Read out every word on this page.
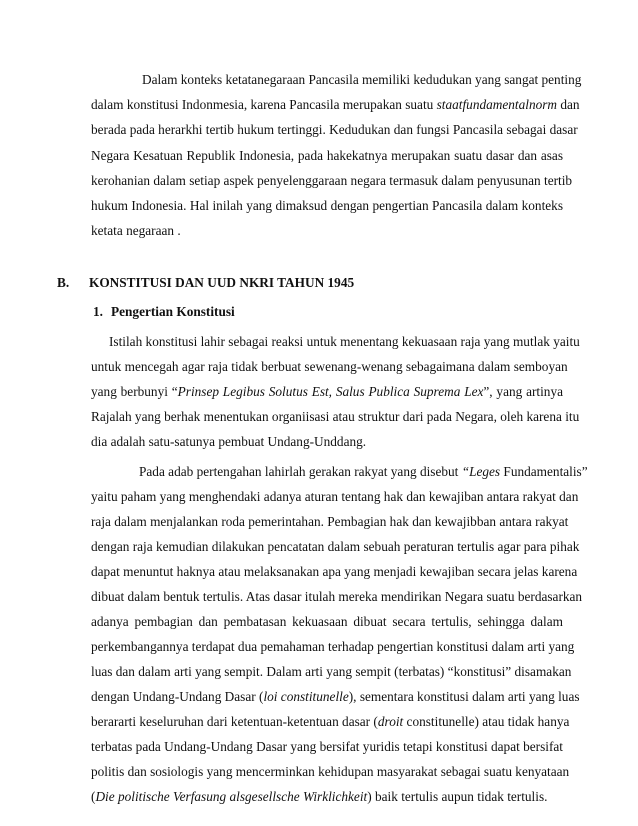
Dalam konteks ketatanegaraan Pancasila memiliki kedudukan yang sangat penting
dalam konstitusi Indonmesia, karena Pancasila merupakan suatu staatfundamentalnorm dan
berada pada herarkhi tertib hukum tertinggi. Kedudukan dan fungsi Pancasila sebagai dasar
Negara Kesatuan Republik Indonesia, pada hakekatnya merupakan suatu dasar dan asas
kerohanian dalam setiap aspek penyelenggaraan negara termasuk dalam penyusunan tertib
hukum Indonesia. Hal inilah yang dimaksud dengan pengertian Pancasila dalam konteks
ketata negaraan .
B. KONSTITUSI DAN UUD NKRI TAHUN 1945
1. Pengertian Konstitusi
Istilah konstitusi lahir sebagai reaksi untuk menentang kekuasaan raja yang mutlak yaitu
untuk mencegah agar raja tidak berbuat sewenang-wenang sebagaimana dalam semboyan
yang berbunyi “Prinsep Legibus Solutus Est, Salus Publica Suprema Lex”, yang artinya
Rajalah yang berhak menentukan organiisasi atau struktur dari pada Negara, oleh karena itu
dia adalah satu-satunya pembuat Undang-Unddang.
Pada adab pertengahan lahirlah gerakan rakyat yang disebut “Leges Fundamentalis”
yaitu paham yang menghendaki adanya aturan tentang hak dan kewajiban antara rakyat dan
raja dalam menjalankan roda pemerintahan. Pembagian hak dan kewajibban antara rakyat
dengan raja kemudian dilakukan pencatatan dalam sebuah peraturan tertulis agar para pihak
dapat menuntut haknya atau melaksanakan apa yang menjadi kewajiban secara jelas karena
dibuat dalam bentuk tertulis. Atas dasar itulah mereka mendirikan Negara suatu berdasarkan
adanya pembagian dan pembatasan kekuasaan dibuat secara tertulis, sehingga dalam
perkembangannya terdapat dua pemahaman terhadap pengertian konstitusi dalam arti yang
luas dan dalam arti yang sempit. Dalam arti yang sempit (terbatas) “konstitusi” disamakan
dengan Undang-Undang Dasar (loi constitunelle), sementara konstitusi dalam arti yang luas
berararti keseluruhan dari ketentuan-ketentuan dasar (droit constitunelle) atau tidak hanya
terbatas pada Undang-Undang Dasar yang bersifat yuridis tetapi konstitusi dapat bersifat
politis dan sosiologis yang mencerminkan kehidupan masyarakat sebagai suatu kenyataan
(Die politische Verfasung alsgesellsche Wirklichkeit) baik tertulis aupun tidak tertulis.
